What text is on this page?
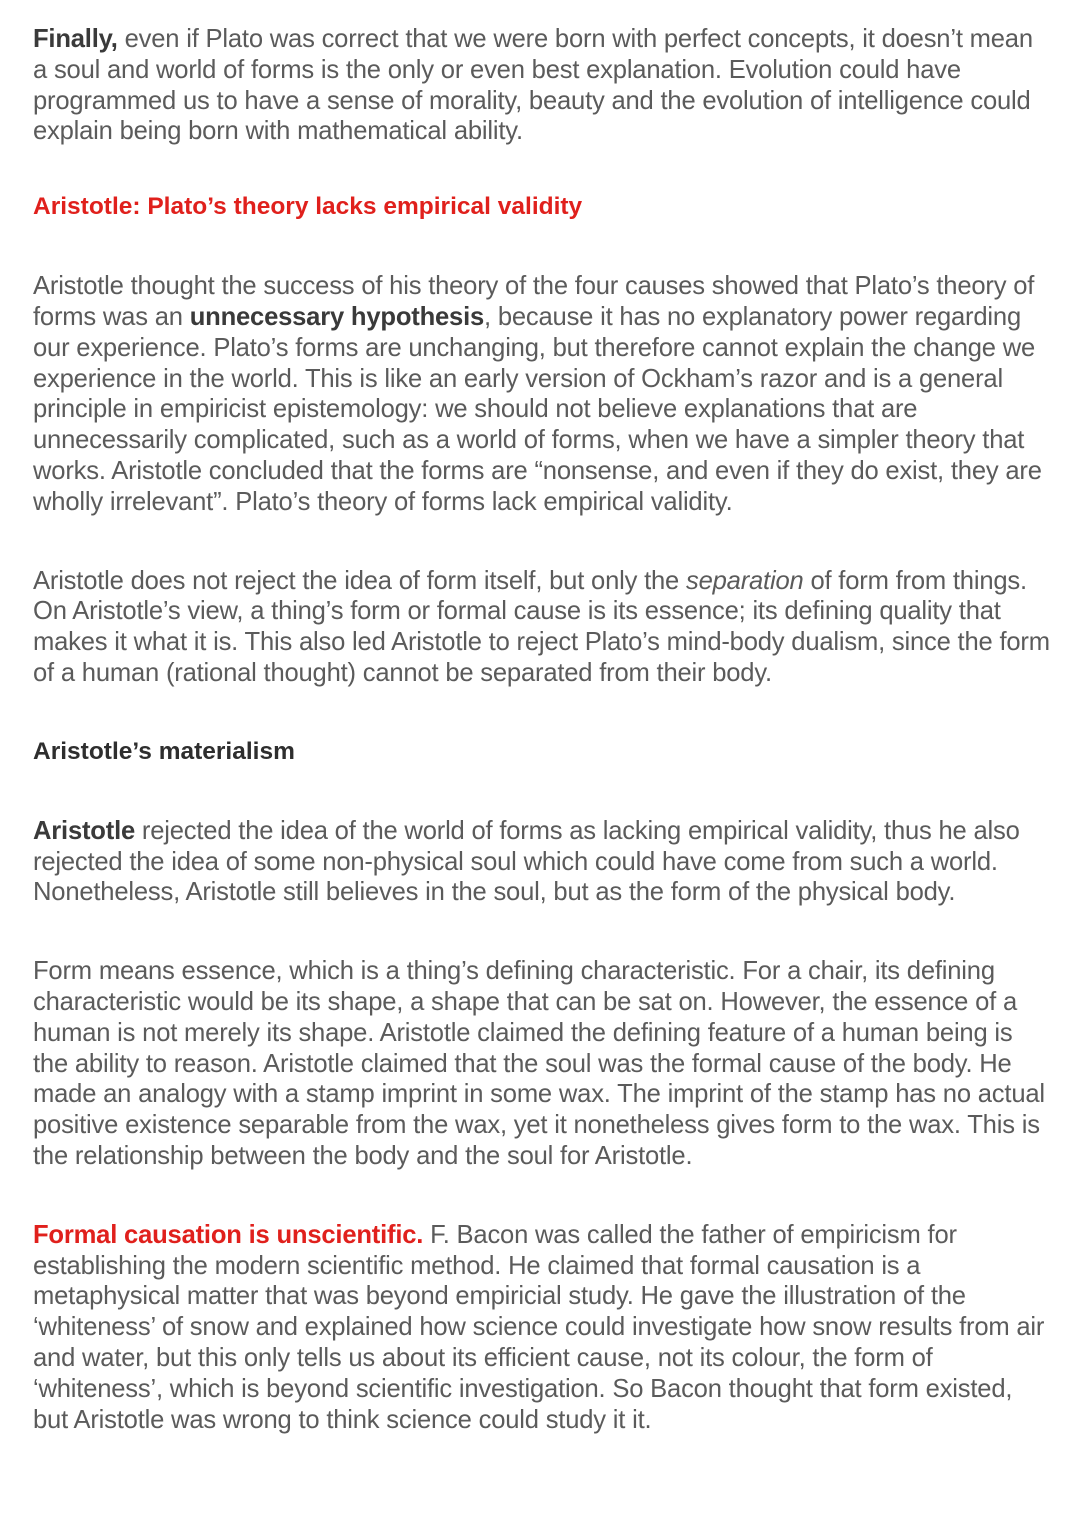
Finally, even if Plato was correct that we were born with perfect concepts, it doesn’t mean a soul and world of forms is the only or even best explanation. Evolution could have programmed us to have a sense of morality, beauty and the evolution of intelligence could explain being born with mathematical ability.

Aristotle: Plato’s theory lacks empirical validity

Aristotle thought the success of his theory of the four causes showed that Plato’s theory of forms was an unnecessary hypothesis, because it has no explanatory power regarding our experience. Plato’s forms are unchanging, but therefore cannot explain the change we experience in the world. This is like an early version of Ockham’s razor and is a general principle in empiricist epistemology: we should not believe explanations that are unnecessarily complicated, such as a world of forms, when we have a simpler theory that works. Aristotle concluded that the forms are “nonsense, and even if they do exist, they are wholly irrelevant”. Plato’s theory of forms lack empirical validity.

Aristotle does not reject the idea of form itself, but only the separation of form from things. On Aristotle’s view, a thing’s form or formal cause is its essence; its defining quality that makes it what it is. This also led Aristotle to reject Plato’s mind-body dualism, since the form of a human (rational thought) cannot be separated from their body.

Aristotle’s materialism

Aristotle rejected the idea of the world of forms as lacking empirical validity, thus he also rejected the idea of some non-physical soul which could have come from such a world. Nonetheless, Aristotle still believes in the soul, but as the form of the physical body.

Form means essence, which is a thing’s defining characteristic. For a chair, its defining characteristic would be its shape, a shape that can be sat on. However, the essence of a human is not merely its shape. Aristotle claimed the defining feature of a human being is the ability to reason. Aristotle claimed that the soul was the formal cause of the body. He made an analogy with a stamp imprint in some wax. The imprint of the stamp has no actual positive existence separable from the wax, yet it nonetheless gives form to the wax. This is the relationship between the body and the soul for Aristotle.

Formal causation is unscientific. F. Bacon was called the father of empiricism for establishing the modern scientific method. He claimed that formal causation is a metaphysical matter that was beyond empiricial study. He gave the illustration of the ‘whiteness’ of snow and explained how science could investigate how snow results from air and water, but this only tells us about its efficient cause, not its colour, the form of ‘whiteness’, which is beyond scientific investigation. So Bacon thought that form existed, but Aristotle was wrong to think science could study it it.
